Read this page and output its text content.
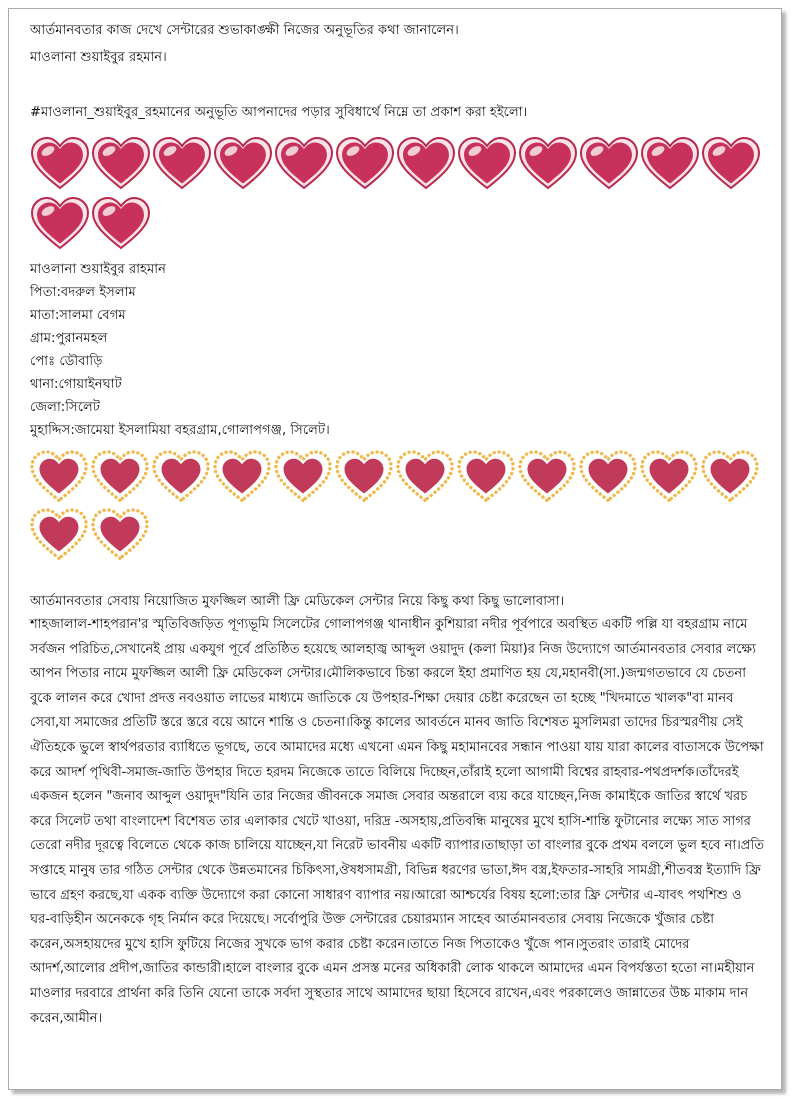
আর্তমানবতার কাজ দেখে সেন্টারের শুভাকাঙ্ক্ষী নিজের অনুভূতির কথা জানালেন।
মাওলানা শুয়াইবুর রহমান।
#মাওলানা_শুয়াইবুর_রহমানের অনুভূতি আপনাদের পড়ার সুবিধার্থে নিম্নে তা প্রকাশ করা হইলো।
মাওলানা শুয়াইবুর রাহমান
পিতা:বদরুল ইসলাম
মাতা:সালমা বেগম
গ্রাম:পুরানমহল
পোঃ ডৌবাড়ি
থানা:গোয়াইনঘাট
জেলা:সিলেট
মুহাদ্দিস:জামেয়া ইসলামিয়া বহরগ্রাম,গোলাপগঞ্জ, সিলেট।
আর্তমানবতার সেবায় নিয়োজিত মুফজ্জিল আলী ফ্রি মেডিকেল সেন্টার নিয়ে কিছু কথা কিছু ভালোবাসা।
শাহজালাল-শাহপরান'র স্মৃতিবিজড়িত পূণ্যভূমি সিলেটের গোলাপগঞ্জ থানাধীন কুশিয়ারা নদীর পূর্বপারে অবস্থিত একটি পল্লি যা বহরগ্রাম নামে সর্বজন পরিচিত,সেখানেই প্রায় একযুগ পূর্বে প্রতিষ্ঠিত হয়েছে আলহাজ্ব আব্দুল ওয়াদুদ (কলা মিয়া)র নিজ উদ্যোগে আর্তমানবতার সেবার লক্ষ্যে আপন পিতার নামে মুফজ্জিল আলী ফ্রি মেডিকেল সেন্টার।মৌলিকভাবে চিন্তা করলে ইহা প্রমাণিত হয় যে,মহানবী(সা.)জন্মগতভাবে যে চেতনা বুকে লালন করে খোদা প্রদত্ত নবওয়াত লাভের মাধ্যমে জাতিকে যে উপহার-শিক্ষা দেয়ার চেষ্টা করেছেন তা হচ্ছে "খিদমাতে খালক"বা মানব সেবা,যা সমাজের প্রতিটি স্তরে স্তরে বয়ে আনে শান্তি ও চেতনা।কিন্তু কালের আবর্তনে মানব জাতি বিশেষত মুসলিমরা তাদের চিরস্মরণীয় সেই ঐতিহকে ভুলে স্বার্থপরতার ব্যাধিতে ভূগছে, তবে আমাদের মধ্যে এখনো এমন কিছু মহামানবের সন্ধান পাওয়া যায় যারা কালের বাতাসকে উপেক্ষা করে আদর্শ পৃথিবী-সমাজ-জাতি উপহার দিতে হরদম নিজেকে তাতে বিলিয়ে দিচ্ছেন,তাঁরাই হলো আগামী বিশ্বের রাহবার-পথপ্রদর্শক।তাঁদেরই একজন হলেন "জনাব আব্দুল ওয়াদুদ"যিনি তার নিজের জীবনকে সমাজ সেবার অন্তরালে ব্যয় করে যাচ্ছেন,নিজ কামাইকে জাতির স্বার্থে খরচ করে সিলেট তথা বাংলাদেশ বিশেষত তার এলাকার খেটে খাওয়া, দরিদ্র -অসহায়,প্রতিবন্ধি মানুষের মুখে হাসি-শান্তি ফুটানোর লক্ষ্যে সাত সাগর তেরো নদীর দূরত্বে বিলেতে থেকে কাজ চালিয়ে যাচ্ছেন,যা নিরেট ভাবনীয় একটি ব্যাপার।তাছাড়া তা বাংলার বুকে প্রথম বললে ভুল হবে না।প্রতি সপ্তাহে মানুষ তার গঠিত সেন্টার থেকে উন্নতমানের চিকিৎসা,ঔষধসামগ্রী, বিভিন্ন ধরণের ভাতা,ঈদ বস্ত্র,ইফতার-সাহরি সামগ্রী,শীতবস্ত্র ইত্যাদি ফ্রি ভাবে গ্রহণ করছে,যা একক ব্যক্তি উদ্যোগে করা কোনো সাধারণ ব্যাপার নয়।আরো আশ্চর্যের বিষয় হলো:তার ফ্রি সেন্টার এ-যাবৎ পথশিশু ও ঘর-বাড়িহীন অনেককে গৃহ নির্মান করে দিয়েছে। সর্বোপুরি উক্ত সেন্টারের চেয়ারম্যান সাহেব আর্তমানবতার সেবায় নিজেকে খুঁজার চেষ্টা করেন,অসহায়দের মুখে হাসি ফুটিয়ে নিজের সুখকে ভাগ করার চেষ্টা করেন।তাতে নিজ পিতাকেও খুঁজে পান।সুতরাং তারাই মোদের আদর্শ,আলোর প্রদীপ,জাতির কান্ডারী।হালে বাংলার বুকে এমন প্রসস্ত মনের অধিকারী লোক থাকলে আমাদের এমন বিপর্যস্ততা হতো না।মহীয়ান মাওলার দরবারে প্রার্থনা করি তিনি যেনো তাকে সর্বদা সুস্থতার সাথে আমাদের ছায়া হিসেবে রাখেন,এবং পরকালেও জান্নাতের উচ্চ মাকাম দান করেন,আমীন।
